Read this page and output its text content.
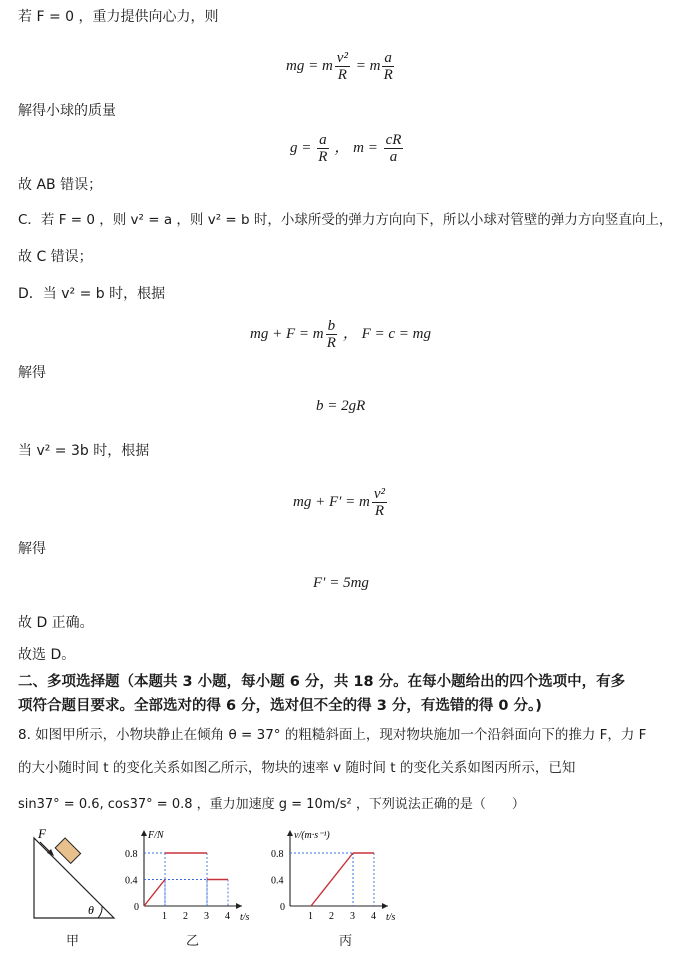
若 F = 0 ，重力提供向心力，则
mg = m $\frac{\text{v²}}{R} = m \frac{a}{R}$
解得小球的质量
$g = \frac{a}{R}$ ， $m = \frac{cR}{a}$
故 AB 错误；
C．若 F = 0 ，则 v² = a ，则 v² = b 时，小球所受的弹力方向向下，所以小球对管壁的弹力方向竖直向上，
故 C 错误；
D．当 v² = b 时，根据
mg + F = m $\frac{b}{R}$ ， F = c = mg
解得
b = 2gR
当 v² = 3b 时，根据
mg + F′ = m $\frac{\text{v²}}{R}$
解得
F′ = 5mg
故 D 正确。
故选 D。
二、多项选择题（本题共 3 小题，每小题 6 分，共 18 分。在每小题给出的四个选项中，有多
项符合题目要求。全部选对的得 6 分，选对但不全的得 3 分，有选错的得 0 分。)
8. 如图甲所示，小物块静止在倾角 θ = 37° 的粗糙斜面上，现对物块施加一个沿斜面向下的推力 F，力 F
的大小随时间 t 的变化关系如图乙所示，物块的速率 v 随时间 t 的变化关系如图丙所示，已知
sin37° = 0.6, cos37° = 0.8 ，重力加速度 g = 10m/s² ，下列说法正确的是（　　）
F
θ
甲
F/N
t/s
0
1 2 3 4
0.4
0.8
乙
v/(m·s⁻¹)
t/s
0
1 2 3 4
0.4
0.8
丙
